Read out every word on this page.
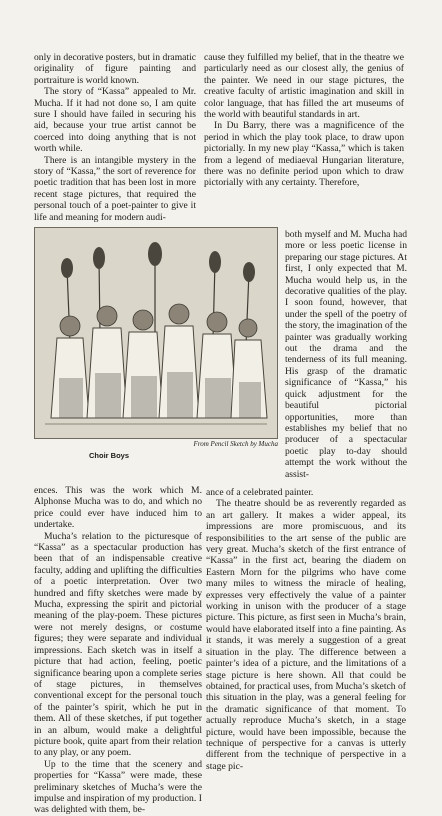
only in decorative posters, but in dramatic originality of figure painting and portraiture is world known.

The story of “Kassa” appealed to Mr. Mucha. If it had not done so, I am quite sure I should have failed in securing his aid, because your true artist cannot be coerced into doing anything that is not worth while.

There is an intangible mystery in the story of “Kassa,” the sort of reverence for poetic tradition that has been lost in more recent stage pictures, that required the personal touch of a poet-painter to give it life and meaning for modern audi-

cause they fulfilled my belief, that in the theatre we particularly need as our closest ally, the genius of the painter. We need in our stage pictures, the creative faculty of artistic imagination and skill in color language, that has filled the art museums of the world with beautiful standards in art.

In Du Barry, there was a magnificence of the period in which the play took place, to draw upon pictorially. In my new play “Kassa,” which is taken from a legend of mediaeval Hungarian literature, there was no definite period upon which to draw pictorially with any certainty. Therefore,

From Pencil Sketch by Mucha
Choir Boys

both myself and M. Mucha had more or less poetic license in preparing our stage pictures. At first, I only expected that M. Mucha would help us, in the decorative qualities of the play. I soon found, however, that under the spell of the poetry of the story, the imagination of the painter was gradually working out the drama and the tenderness of its full meaning. His grasp of the dramatic significance of “Kassa,” his quick adjustment for the beautiful pictorial opportunities, more than establishes my belief that no producer of a spectacular poetic play to-day should attempt the work without the assist-

ences. This was the work which M. Alphonse Mucha was to do, and which no price could ever have induced him to undertake.

Mucha’s relation to the picturesque of “Kassa” as a spectacular production has been that of an indispensable creative faculty, adding and uplifting the difficulties of a poetic interpretation. Over two hundred and fifty sketches were made by Mucha, expressing the spirit and pictorial meaning of the play-poem. These pictures were not merely designs, or costume figures; they were separate and individual impressions. Each sketch was in itself a picture that had action, feeling, poetic significance bearing upon a complete series of stage pictures, in themselves conventional except for the personal touch of the painter’s spirit, which he put in them. All of these sketches, if put together in an album, would make a delightful picture book, quite apart from their relation to any play, or any poem.

Up to the time that the scenery and properties for “Kassa” were made, these preliminary sketches of Mucha’s were the impulse and inspiration of my production. I was delighted with them, be-

ance of a celebrated painter.

The theatre should be as reverently regarded as an art gallery. It makes a wider appeal, its impressions are more promiscuous, and its responsibilities to the art sense of the public are very great. Mucha’s sketch of the first entrance of “Kassa” in the first act, bearing the diadem on Eastern Morn for the pilgrims who have come many miles to witness the miracle of healing, expresses very effectively the value of a painter working in unison with the producer of a stage picture. This picture, as first seen in Mucha’s brain, would have elaborated itself into a fine painting. As it stands, it was merely a suggestion of a great situation in the play. The difference between a painter’s idea of a picture, and the limitations of a stage picture is here shown. All that could be obtained, for practical uses, from Mucha’s sketch of this situation in the play, was a general feeling for the dramatic significance of that moment. To actually reproduce Mucha’s sketch, in a stage picture, would have been impossible, because the technique of perspective for a canvas is utterly different from the technique of perspective in a stage pic-
